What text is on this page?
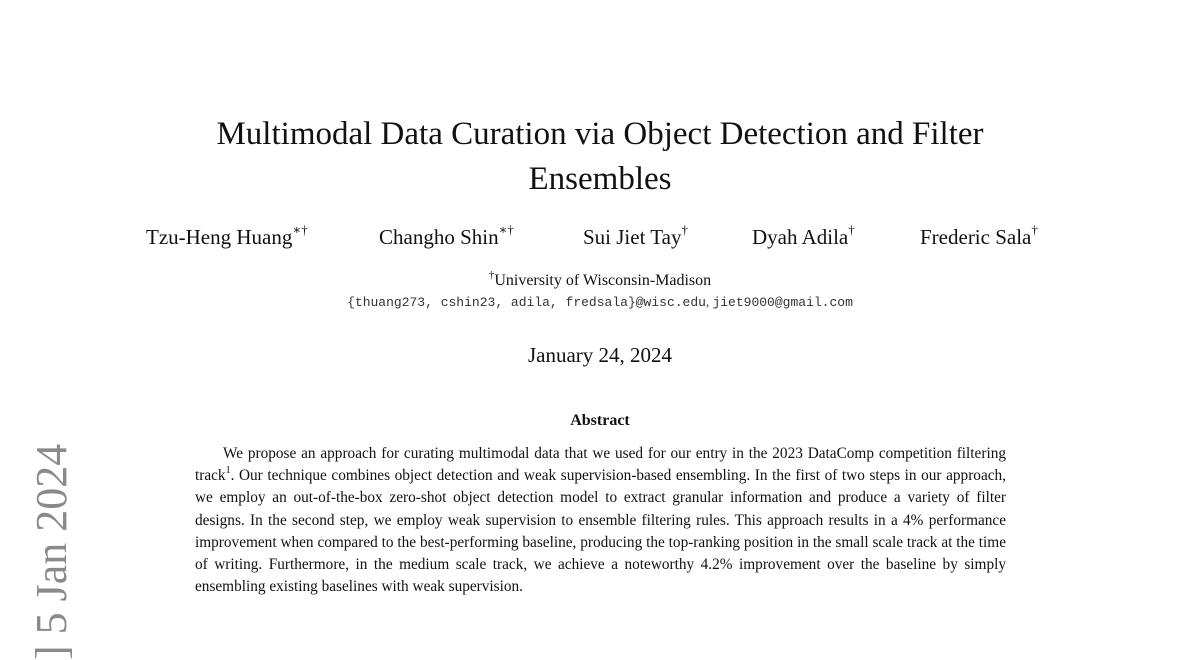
Multimodal Data Curation via Object Detection and Filter Ensembles
Tzu-Heng Huang∗†	Changho Shin∗†	Sui Jiet Tay†	Dyah Adila†	Frederic Sala†
†University of Wisconsin-Madison
{thuang273, cshin23, adila, fredsala}@wisc.edu, jiet9000@gmail.com
January 24, 2024
Abstract

We propose an approach for curating multimodal data that we used for our entry in the 2023 DataComp competition filtering track$^1$. Our technique combines object detection and weak supervision-based ensembling. In the first of two steps in our approach, we employ an out-of-the-box zero-shot object detection model to extract granular information and produce a variety of filter designs. In the second step, we employ weak supervision to ensemble filtering rules. This approach results in a 4% performance improvement when compared to the best-performing baseline, producing the top-ranking position in the small scale track at the time of writing. Furthermore, in the medium scale track, we achieve a noteworthy 4.2% improvement over the baseline by simply ensembling existing baselines with weak supervision.

] 5 Jan 2024
